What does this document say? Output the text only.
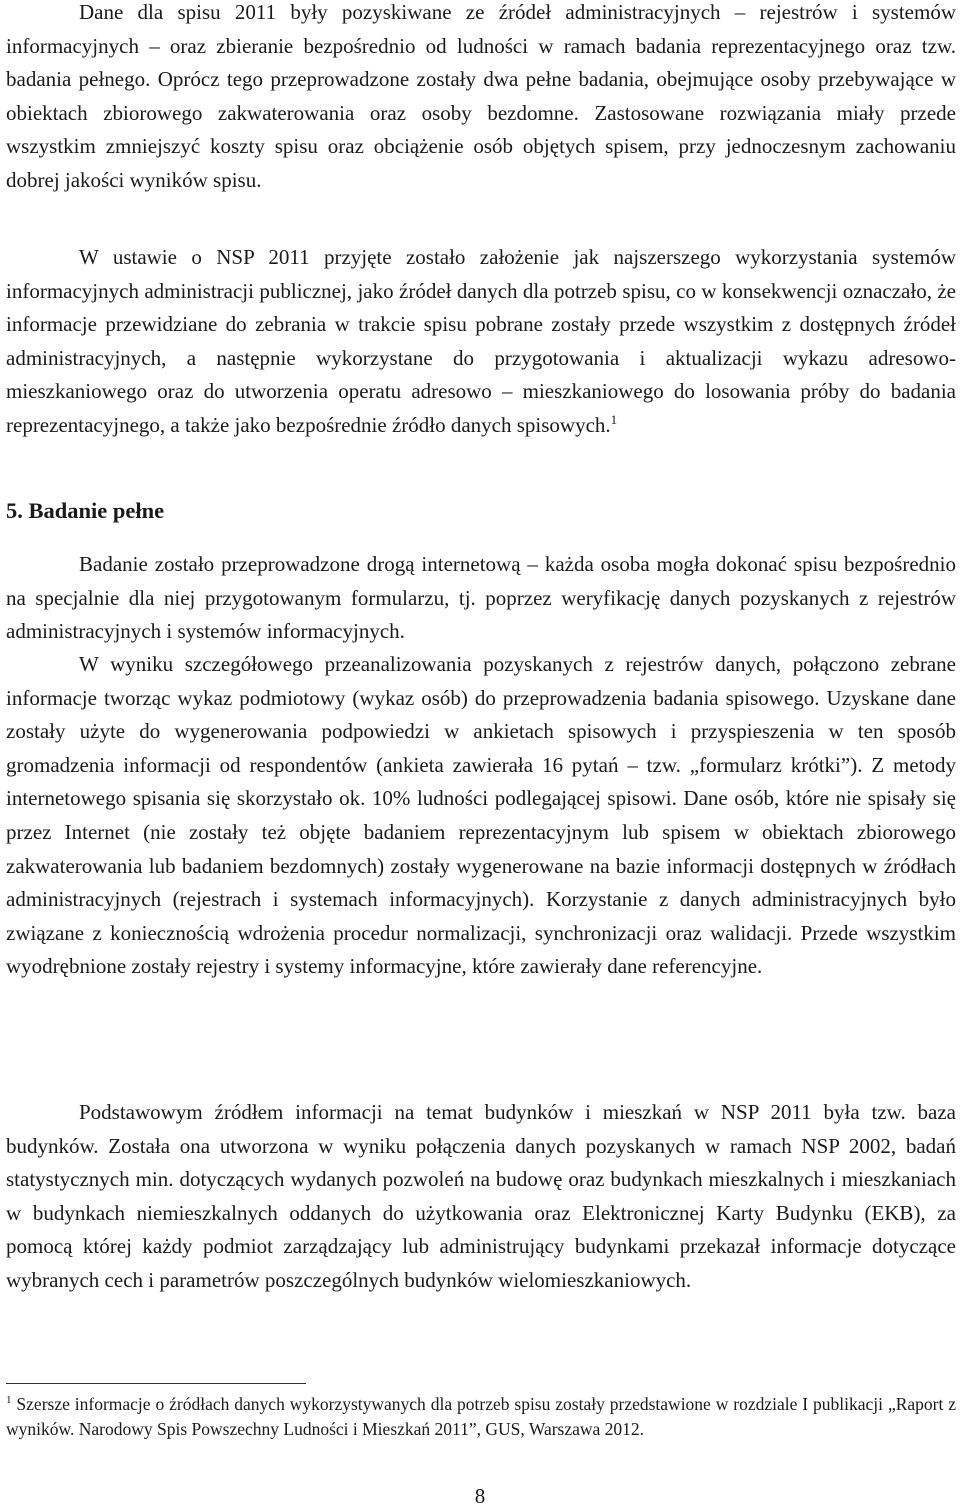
Dane dla spisu 2011 były pozyskiwane ze źródeł administracyjnych – rejestrów i systemów informacyjnych – oraz zbieranie bezpośrednio od ludności w ramach badania reprezentacyjnego oraz tzw. badania pełnego. Oprócz tego przeprowadzone zostały dwa pełne badania, obejmujące osoby przebywające w obiektach zbiorowego zakwaterowania oraz osoby bezdomne. Zastosowane rozwiązania miały przede wszystkim zmniejszyć koszty spisu oraz obciążenie osób objętych spisem, przy jednoczesnym zachowaniu dobrej jakości wyników spisu.

W ustawie o NSP 2011 przyjęte zostało założenie jak najszerszego wykorzystania systemów informacyjnych administracji publicznej, jako źródeł danych dla potrzeb spisu, co w konsekwencji oznaczało, że informacje przewidziane do zebrania w trakcie spisu pobrane zostały przede wszystkim z dostępnych źródeł administracyjnych, a następnie wykorzystane do przygotowania i aktualizacji wykazu adresowo-mieszkaniowego oraz do utworzenia operatu adresowo – mieszkaniowego do losowania próby do badania reprezentacyjnego, a także jako bezpośrednie źródło danych spisowych.$^1$

5. Badanie pełne

Badanie zostało przeprowadzone drogą internetową – każda osoba mogła dokonać spisu bezpośrednio na specjalnie dla niej przygotowanym formularzu, tj. poprzez weryfikację danych pozyskanych z rejestrów administracyjnych i systemów informacyjnych.

W wyniku szczegółowego przeanalizowania pozyskanych z rejestrów danych, połączono zebrane informacje tworząc wykaz podmiotowy (wykaz osób) do przeprowadzenia badania spisowego. Uzyskane dane zostały użyte do wygenerowania podpowiedzi w ankietach spisowych i przyspieszenia w ten sposób gromadzenia informacji od respondentów (ankieta zawierała 16 pytań – tzw. „formularz krótki”). Z metody internetowego spisania się skorzystało ok. 10% ludności podlegającej spisowi. Dane osób, które nie spisały się przez Internet (nie zostały też objęte badaniem reprezentacyjnym lub spisem w obiektach zbiorowego zakwaterowania lub badaniem bezdomnych) zostały wygenerowane na bazie informacji dostępnych w źródłach administracyjnych (rejestrach i systemach informacyjnych). Korzystanie z danych administracyjnych było związane z koniecznością wdrożenia procedur normalizacji, synchronizacji oraz walidacji. Przede wszystkim wyodrębnione zostały rejestry i systemy informacyjne, które zawierały dane referencyjne.

Podstawowym źródłem informacji na temat budynków i mieszkań w NSP 2011 była tzw. baza budynków. Została ona utworzona w wyniku połączenia danych pozyskanych w ramach NSP 2002, badań statystycznych min. dotyczących wydanych pozwoleń na budowę oraz budynkach mieszkalnych i mieszkaniach w budynkach niemieszkalnych oddanych do użytkowania oraz Elektronicznej Karty Budynku (EKB), za pomocą której każdy podmiot zarządzający lub administrujący budynkami przekazał informacje dotyczące wybranych cech i parametrów poszczególnych budynków wielomieszkaniowych.

$^1$ Szersze informacje o źródłach danych wykorzystywanych dla potrzeb spisu zostały przedstawione w rozdziale I publikacji „Raport z wyników. Narodowy Spis Powszechny Ludności i Mieszkań 2011”, GUS, Warszawa 2012.

8
